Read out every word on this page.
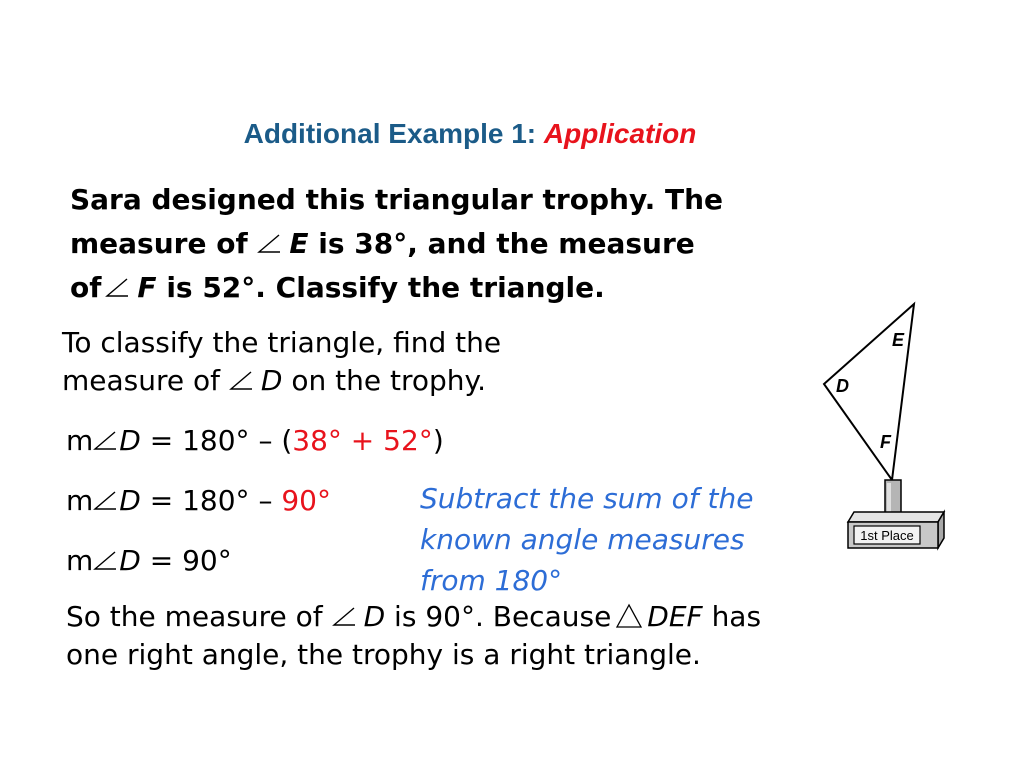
Additional Example 1: Application
Sara designed this triangular trophy. The
measure of E is 38°, and the measure
of F is 52°. Classify the triangle.
To classify the triangle, find the
measure of D on the trophy.
m D = 180° – (38° + 52°)
m D = 180° – 90°
m D = 90°
Subtract the sum of the
known angle measures
from 180°
So the measure of D is 90°. Because DEF has
one right angle, the trophy is a right triangle.
1st Place
E
D
F
